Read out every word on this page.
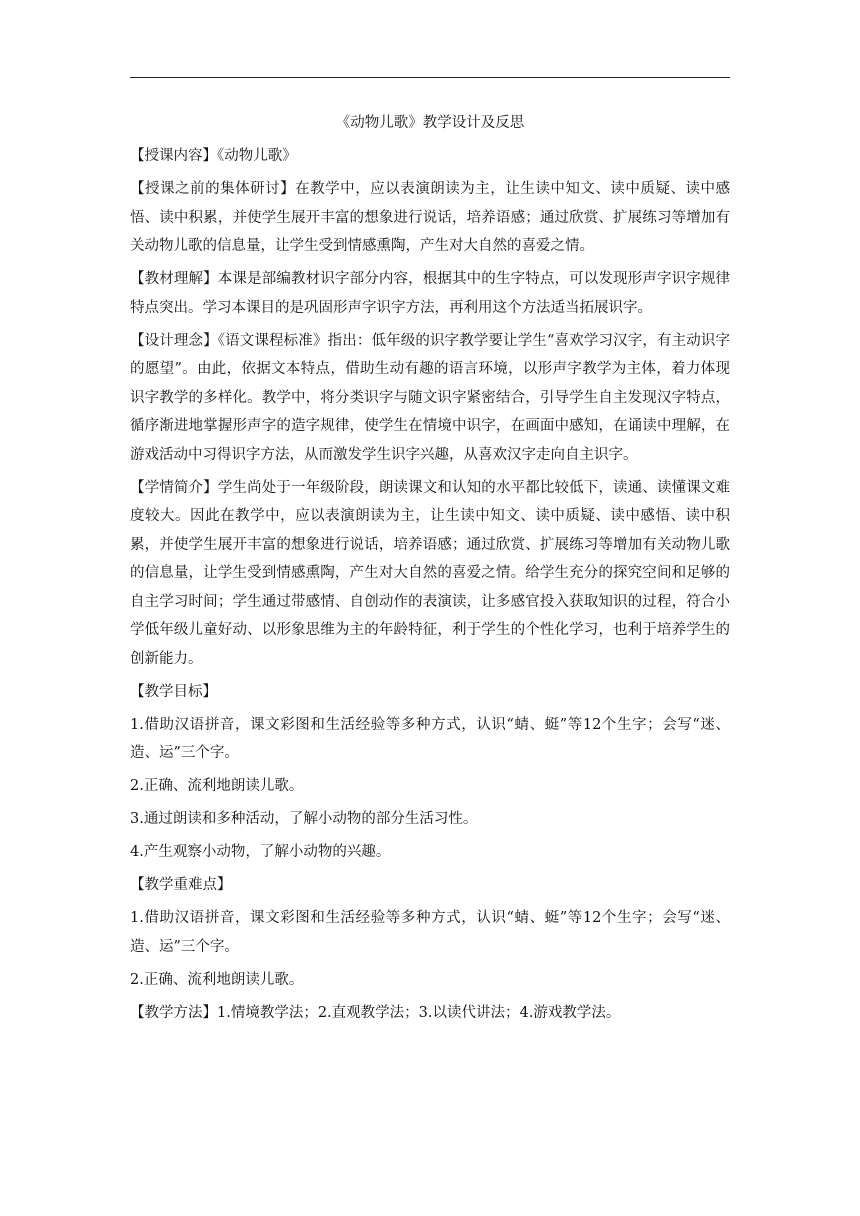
《动物儿歌》教学设计及反思

【授课内容】《动物儿歌》

【授课之前的集体研讨】在教学中，应以表演朗读为主，让生读中知文、读中质疑、读中感悟、读中积累，并使学生展开丰富的想象进行说话，培养语感；通过欣赏、扩展练习等增加有关动物儿歌的信息量，让学生受到情感熏陶，产生对大自然的喜爱之情。

【教材理解】本课是部编教材识字部分内容，根据其中的生字特点，可以发现形声字识字规律特点突出。学习本课目的是巩固形声字识字方法，再利用这个方法适当拓展识字。

【设计理念】《语文课程标准》指出：低年级的识字教学要让学生“喜欢学习汉字，有主动识字的愿望”。由此，依据文本特点，借助生动有趣的语言环境，以形声字教学为主体，着力体现识字教学的多样化。教学中，将分类识字与随文识字紧密结合，引导学生自主发现汉字特点，循序渐进地掌握形声字的造字规律，使学生在情境中识字，在画面中感知，在诵读中理解，在游戏活动中习得识字方法，从而激发学生识字兴趣，从喜欢汉字走向自主识字。

【学情简介】学生尚处于一年级阶段，朗读课文和认知的水平都比较低下，读通、读懂课文难度较大。因此在教学中，应以表演朗读为主，让生读中知文、读中质疑、读中感悟、读中积累，并使学生展开丰富的想象进行说话，培养语感；通过欣赏、扩展练习等增加有关动物儿歌的信息量，让学生受到情感熏陶，产生对大自然的喜爱之情。给学生充分的探究空间和足够的自主学习时间；学生通过带感情、自创动作的表演读，让多感官投入获取知识的过程，符合小学低年级儿童好动、以形象思维为主的年龄特征，利于学生的个性化学习，也利于培养学生的创新能力。

【教学目标】

1.借助汉语拼音，课文彩图和生活经验等多种方式，认识“蜻、蜓”等12个生字；会写“迷、造、运”三个字。

2.正确、流利地朗读儿歌。

3.通过朗读和多种活动，了解小动物的部分生活习性。

4.产生观察小动物，了解小动物的兴趣。

【教学重难点】

1.借助汉语拼音，课文彩图和生活经验等多种方式，认识“蜻、蜓”等12个生字；会写“迷、造、运”三个字。

2.正确、流利地朗读儿歌。

【教学方法】1.情境教学法；2.直观教学法；3.以读代讲法；4.游戏教学法。
